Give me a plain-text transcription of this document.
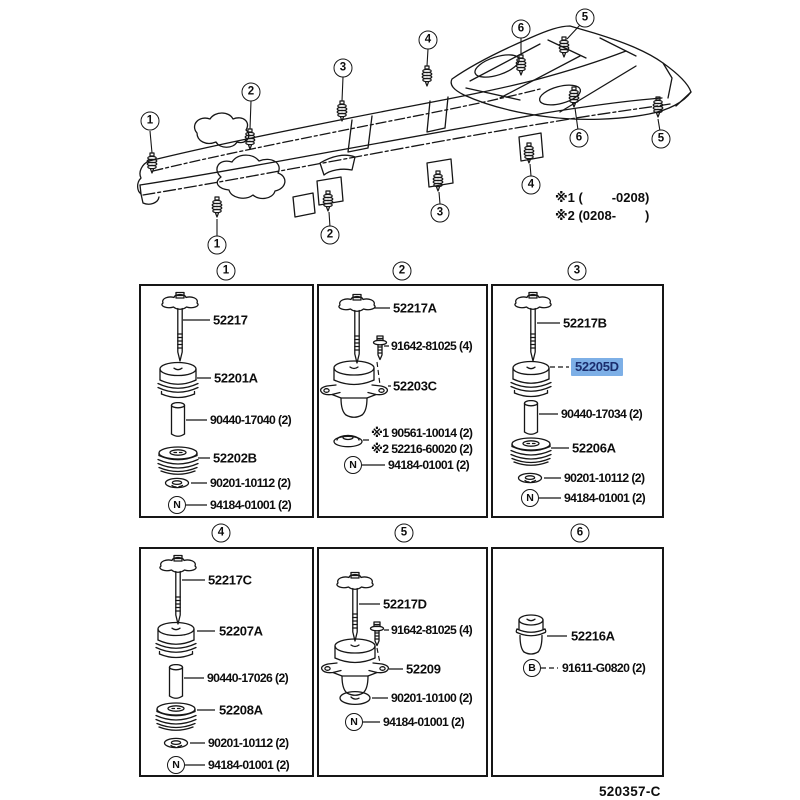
1
2
3
4
5
6
1
2
3
4
5
6
1	2	3
4	5	6
※1 (        -0208)
※2 (0208-        )
520357-C
52217
52201A
90440-17040 (2)
52202B
90201-10112 (2)
N	94184-01001 (2)
52217A
91642-81025 (4)
52203C
※1 90561-10014 (2)
※2 52216-60020 (2)
N	94184-01001 (2)
52217B
52205D
90440-17034 (2)
52206A
90201-10112 (2)
N	94184-01001 (2)
52217C
52207A
90440-17026 (2)
52208A
90201-10112 (2)
N	94184-01001 (2)
52217D
91642-81025 (4)
52209
90201-10100 (2)
N	94184-01001 (2)
52216A
B	91611-G0820 (2)
